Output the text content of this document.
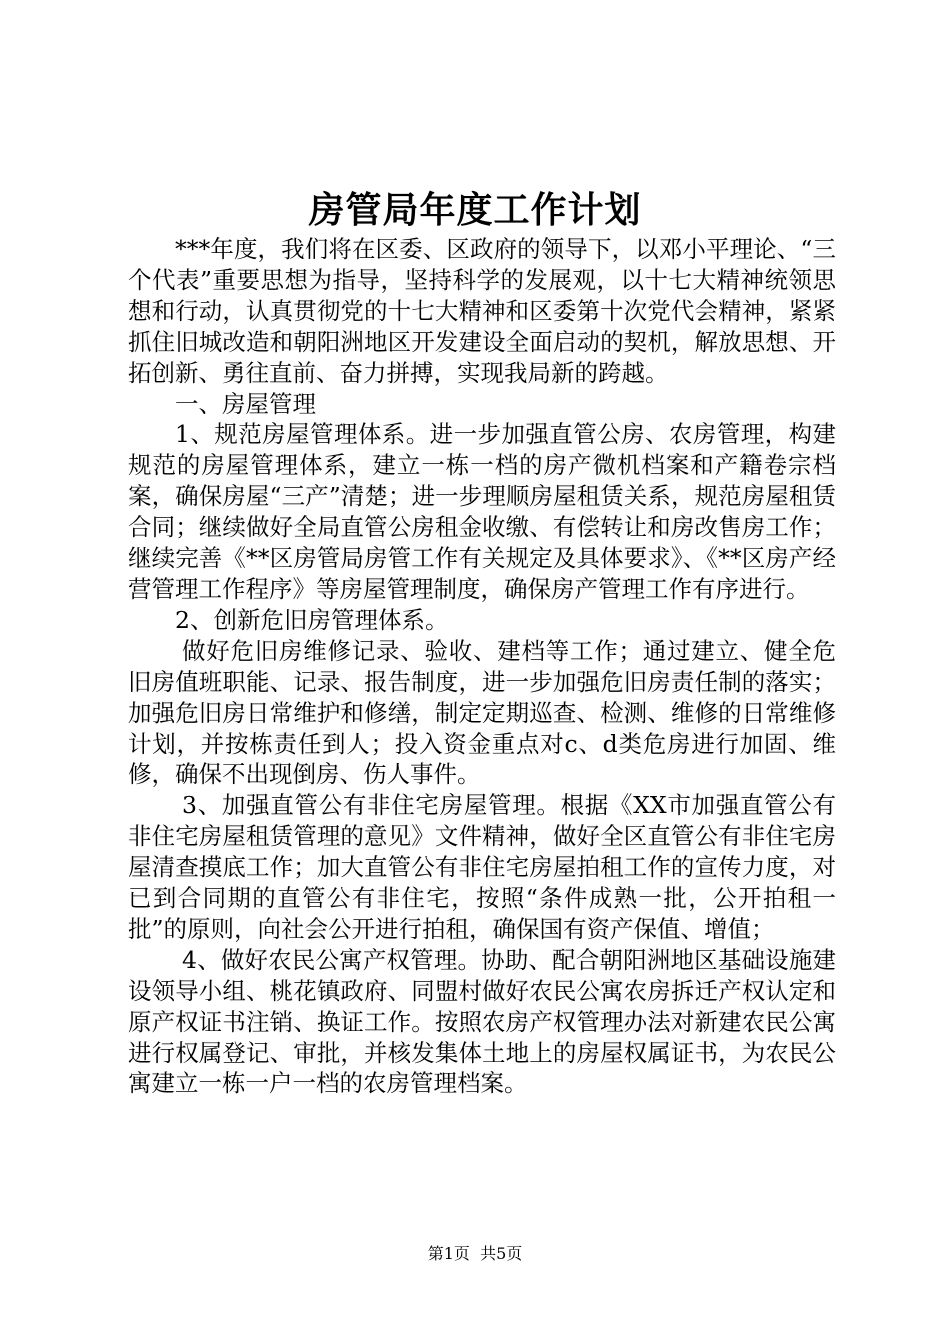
房管局年度工作计划

***年度，我们将在区委、区政府的领导下，以邓小平理论、“三个代表”重要思想为指导，坚持科学的发展观，以十七大精神统领思想和行动，认真贯彻党的十七大精神和区委第十次党代会精神，紧紧抓住旧城改造和朝阳洲地区开发建设全面启动的契机，解放思想、开拓创新、勇往直前、奋力拼搏，实现我局新的跨越。

一、房屋管理

1、规范房屋管理体系。进一步加强直管公房、农房管理，构建规范的房屋管理体系，建立一栋一档的房产微机档案和产籍卷宗档案，确保房屋“三产”清楚；进一步理顺房屋租赁关系，规范房屋租赁合同；继续做好全局直管公房租金收缴、有偿转让和房改售房工作；继续完善《**区房管局房管工作有关规定及具体要求》、《**区房产经营管理工作程序》等房屋管理制度，确保房产管理工作有序进行。

2、创新危旧房管理体系。

做好危旧房维修记录、验收、建档等工作；通过建立、健全危旧房值班职能、记录、报告制度，进一步加强危旧房责任制的落实；加强危旧房日常维护和修缮，制定定期巡查、检测、维修的日常维修计划，并按栋责任到人；投入资金重点对c、d类危房进行加固、维修，确保不出现倒房、伤人事件。

3、加强直管公有非住宅房屋管理。根据《XX市加强直管公有非住宅房屋租赁管理的意见》文件精神，做好全区直管公有非住宅房屋清查摸底工作；加大直管公有非住宅房屋拍租工作的宣传力度，对已到合同期的直管公有非住宅，按照“条件成熟一批，公开拍租一批”的原则，向社会公开进行拍租，确保国有资产保值、增值；

4、做好农民公寓产权管理。协助、配合朝阳洲地区基础设施建设领导小组、桃花镇政府、同盟村做好农民公寓农房拆迁产权认定和原产权证书注销、换证工作。按照农房产权管理办法对新建农民公寓进行权属登记、审批，并核发集体土地上的房屋权属证书，为农民公寓建立一栋一户一档的农房管理档案。

第1页  共5页
